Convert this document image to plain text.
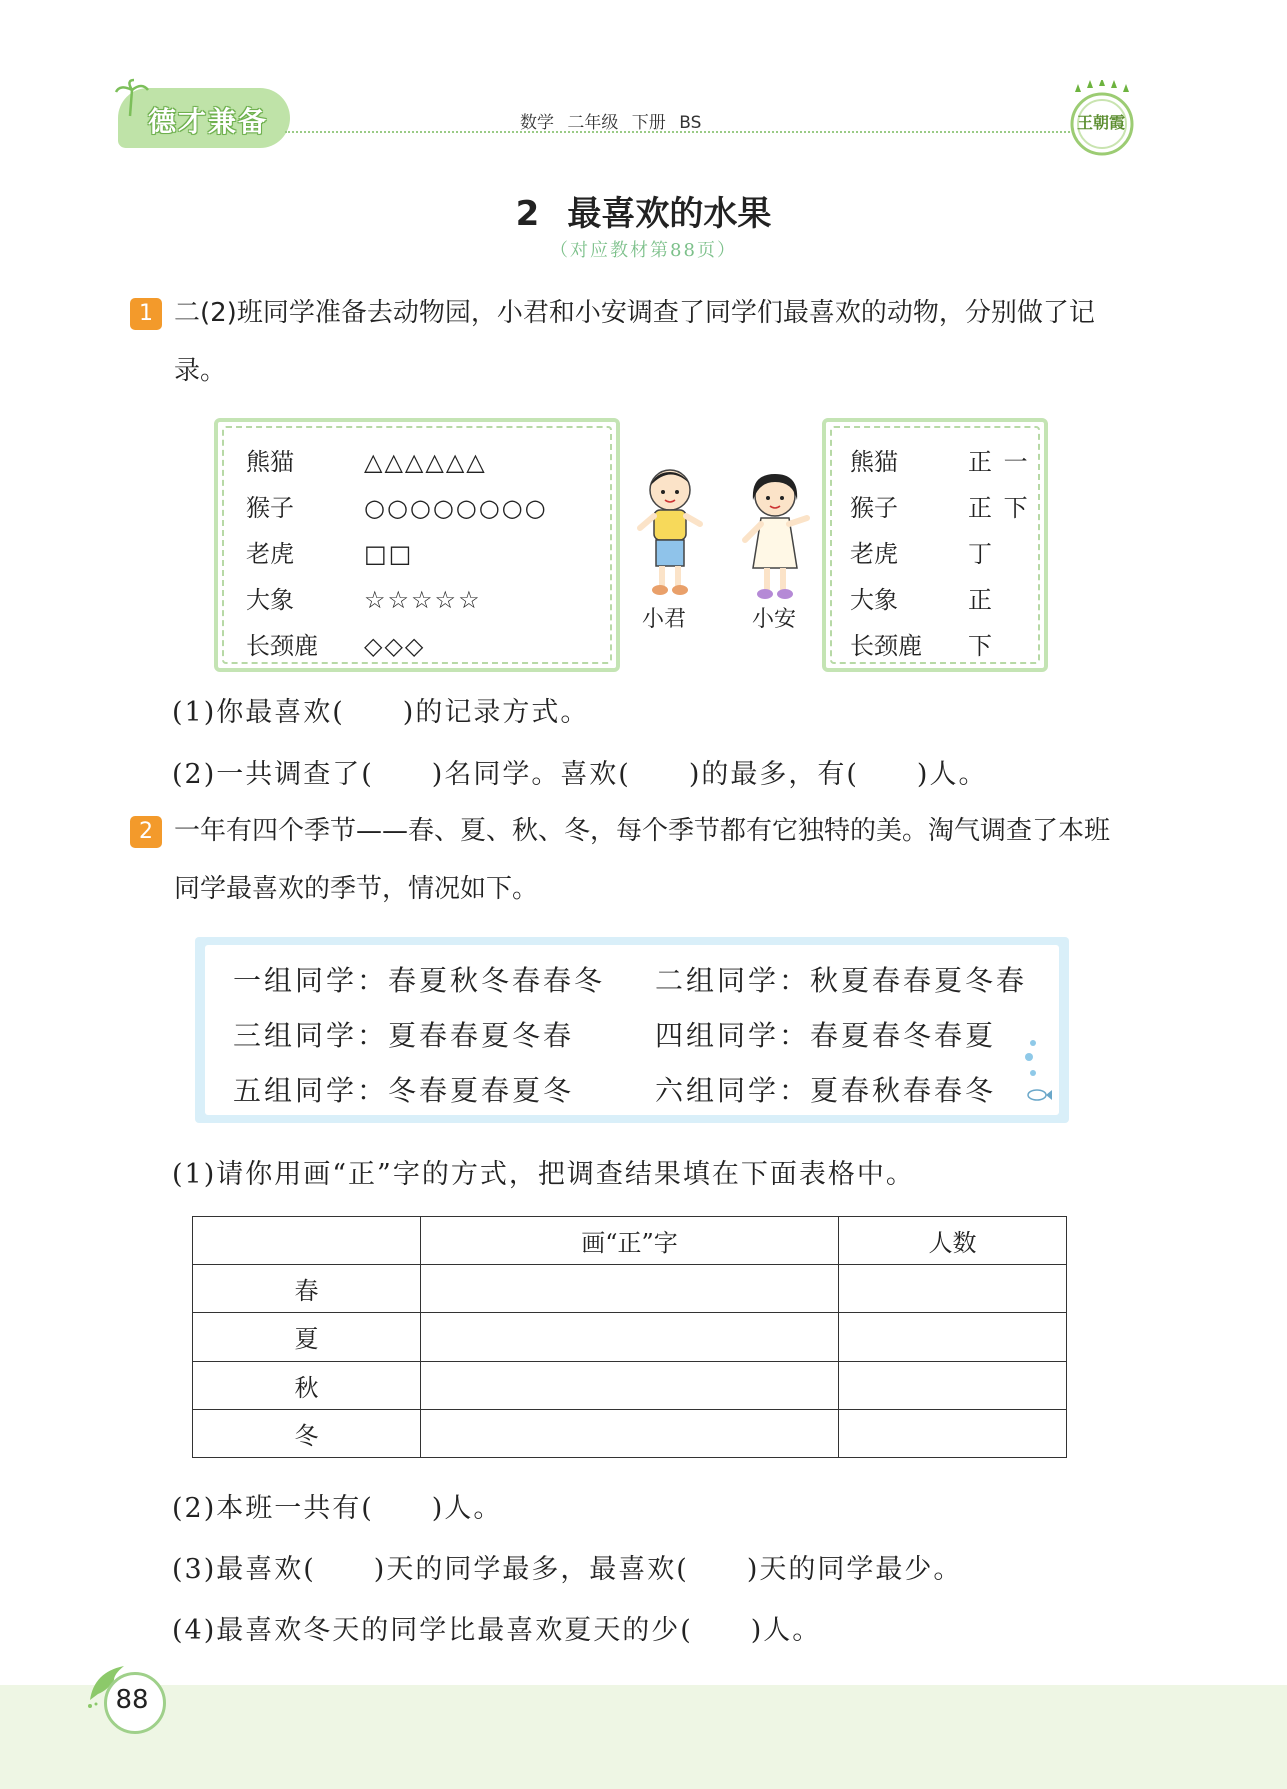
德才兼备	数学 二年级 下册 BS	王朝霞
2 最喜欢的水果
（对应教材第88页）
1 二(2)班同学准备去动物园，小君和小安调查了同学们最喜欢的动物，分别做了记录。
熊猫	△△△△△△
猴子	○○○○○○○○
老虎	□□
大象	☆☆☆☆☆
长颈鹿 ◇◇◇
小君	小安
熊猫	正 一
猴子	正 下
老虎	丁
大象	正
长颈鹿 下
(1)你最喜欢(　　)的记录方式。
(2)一共调查了(　　)名同学。喜欢(　　)的最多，有(　　)人。
2 一年有四个季节——春、夏、秋、冬，每个季节都有它独特的美。淘气调查了本班同学最喜欢的季节，情况如下。
一组同学：春夏秋冬春春冬 二组同学：秋夏春春夏冬春
三组同学：夏春春夏冬春	四组同学：春夏春冬春夏
五组同学：冬春夏春夏冬	六组同学：夏春秋春春冬
(1)请你用画“正”字的方式，把调查结果填在下面表格中。
	画“正”字	人数
春		
夏		
秋		
冬		
(2)本班一共有(　　)人。
(3)最喜欢(　　)天的同学最多，最喜欢(　　)天的同学最少。
(4)最喜欢冬天的同学比最喜欢夏天的少(　　)人。
88
